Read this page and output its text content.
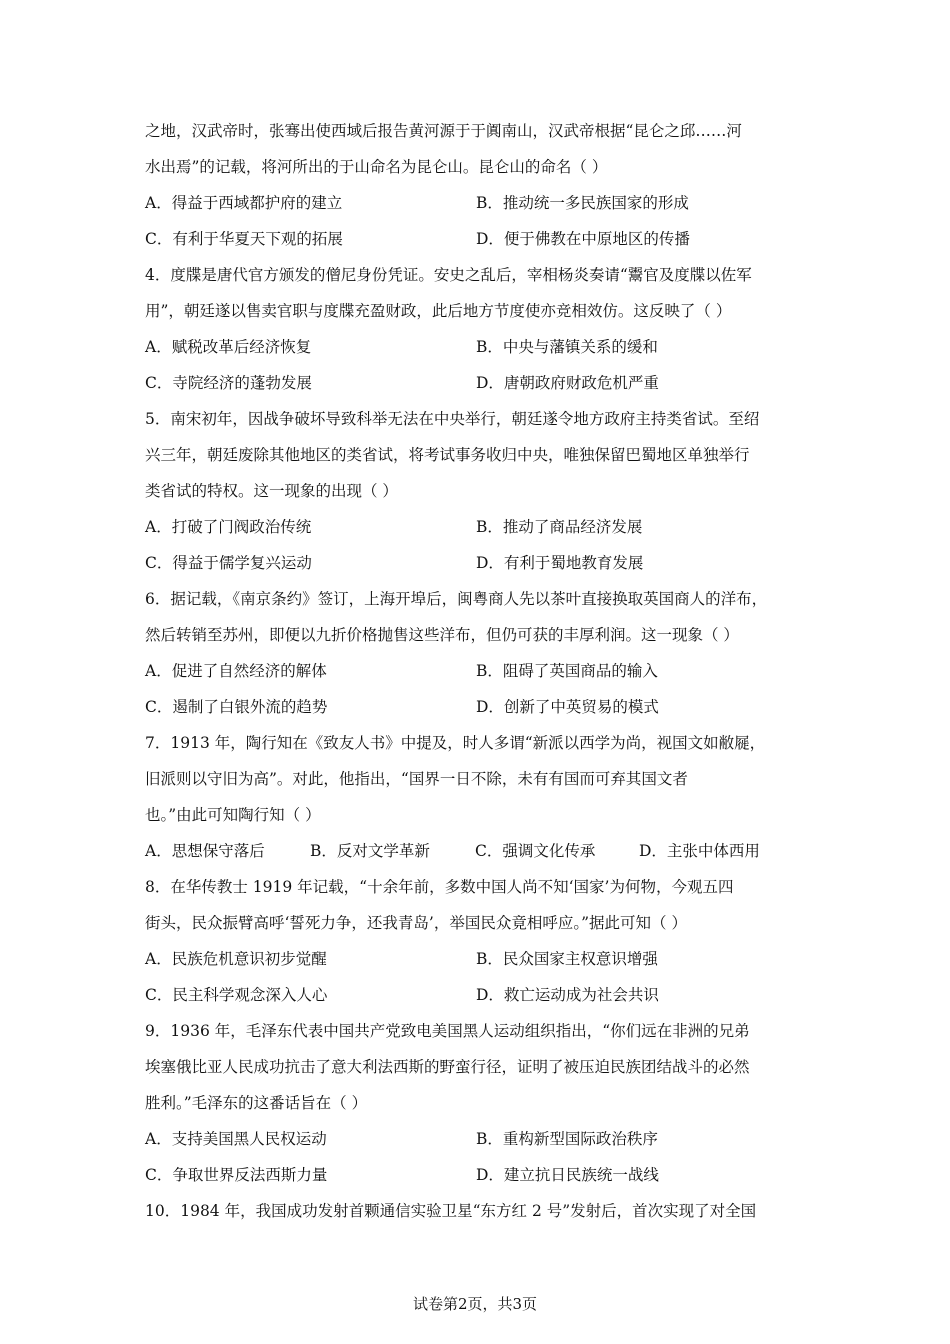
之地，汉武帝时，张骞出使西域后报告黄河源于于阗南山，汉武帝根据“昆仑之邱……河
水出焉”的记载，将河所出的于山命名为昆仑山。昆仑山的命名（ ）
A．得益于西域都护府的建立	B．推动统一多民族国家的形成
C．有利于华夏天下观的拓展	D．便于佛教在中原地区的传播
4．度牒是唐代官方颁发的僧尼身份凭证。安史之乱后，宰相杨炎奏请“鬻官及度牒以佐军
用”，朝廷遂以售卖官职与度牒充盈财政，此后地方节度使亦竞相效仿。这反映了（ ）
A．赋税改革后经济恢复	B．中央与藩镇关系的缓和
C．寺院经济的蓬勃发展	D．唐朝政府财政危机严重
5．南宋初年，因战争破坏导致科举无法在中央举行，朝廷遂令地方政府主持类省试。至绍
兴三年，朝廷废除其他地区的类省试，将考试事务收归中央，唯独保留巴蜀地区单独举行
类省试的特权。这一现象的出现（ ）
A．打破了门阀政治传统	B．推动了商品经济发展
C．得益于儒学复兴运动	D．有利于蜀地教育发展
6．据记载，《南京条约》签订，上海开埠后，闽粤商人先以茶叶直接换取英国商人的洋布，
然后转销至苏州，即便以九折价格抛售这些洋布，但仍可获的丰厚利润。这一现象（ ）
A．促进了自然经济的解体	B．阻碍了英国商品的输入
C．遏制了白银外流的趋势	D．创新了中英贸易的模式
7．1913 年，陶行知在《致友人书》中提及，时人多谓“新派以西学为尚，视国文如敝屣，
旧派则以守旧为高”。对此，他指出，“国界一日不除，未有有国而可弃其国文者
也。”由此可知陶行知（ ）
A．思想保守落后	B．反对文学革新	C．强调文化传承	D．主张中体西用
8．在华传教士 1919 年记载，“十余年前，多数中国人尚不知‘国家’为何物，今观五四
街头，民众振臂高呼‘誓死力争，还我青岛’，举国民众竟相呼应。”据此可知（ ）
A．民族危机意识初步觉醒	B．民众国家主权意识增强
C．民主科学观念深入人心	D．救亡运动成为社会共识
9．1936 年，毛泽东代表中国共产党致电美国黑人运动组织指出，“你们远在非洲的兄弟
埃塞俄比亚人民成功抗击了意大利法西斯的野蛮行径，证明了被压迫民族团结战斗的必然
胜利。”毛泽东的这番话旨在（ ）
A．支持美国黑人民权运动	B．重构新型国际政治秩序
C．争取世界反法西斯力量	D．建立抗日民族统一战线
10．1984 年，我国成功发射首颗通信实验卫星“东方红 2 号”发射后，首次实现了对全国
试卷第2页，共3页
